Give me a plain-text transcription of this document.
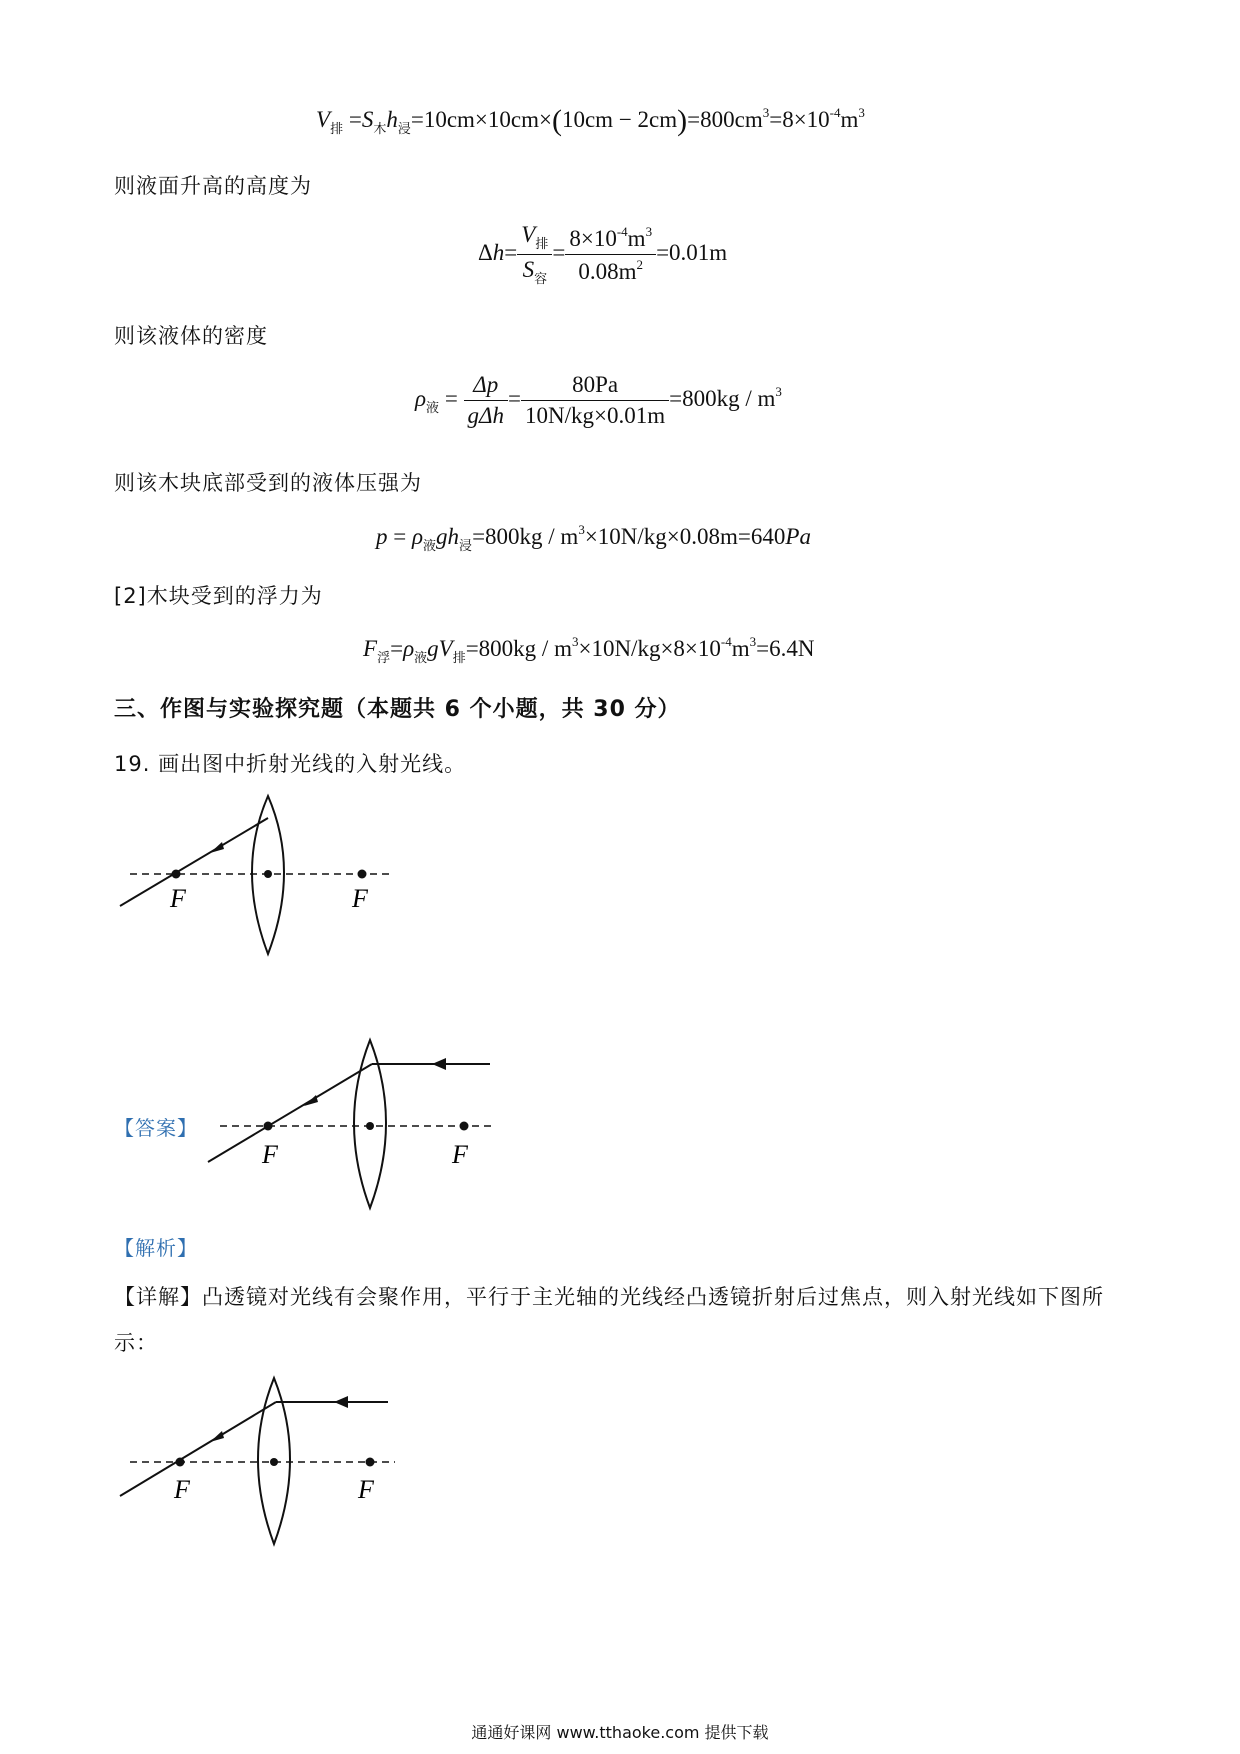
$V_排 =S_木h_浸=10cm\times 10cm\times(10cm - 2cm)=800cm^3=8\times 10^{-4}m^3$
则液面升高的高度为
$\Delta h= \frac{V_排}{S_容} = \frac{8\times 10^{-4}m^3}{0.08m^2} =0.01m$
则该液体的密度
$\rho_液 = \frac{\Delta p}{\text{gΔh}} = \frac{80Pa}{10N/kg\times 0.01m} =800kg / m^3$
则该木块底部受到的液体压强为
$p = \rho_液gh_浸=800kg / m^3\times 10N/kg\times 0.08m=640Pa$
[2]木块受到的浮力为
$F_浮=\rho_液gV_排=800kg / m^3\times 10N/kg\times 8\times 10^{-4}m^3=6.4N$
三、作图与实验探究题（本题共 6 个小题，共 30 分）
19. 画出图中折射光线的入射光线。
F	F
【答案】
F	F
【解析】
【详解】凸透镜对光线有会聚作用，平行于主光轴的光线经凸透镜折射后过焦点，则入射光线如下图所
示：
F	F
通通好课网 www.tthaoke.com 提供下载
